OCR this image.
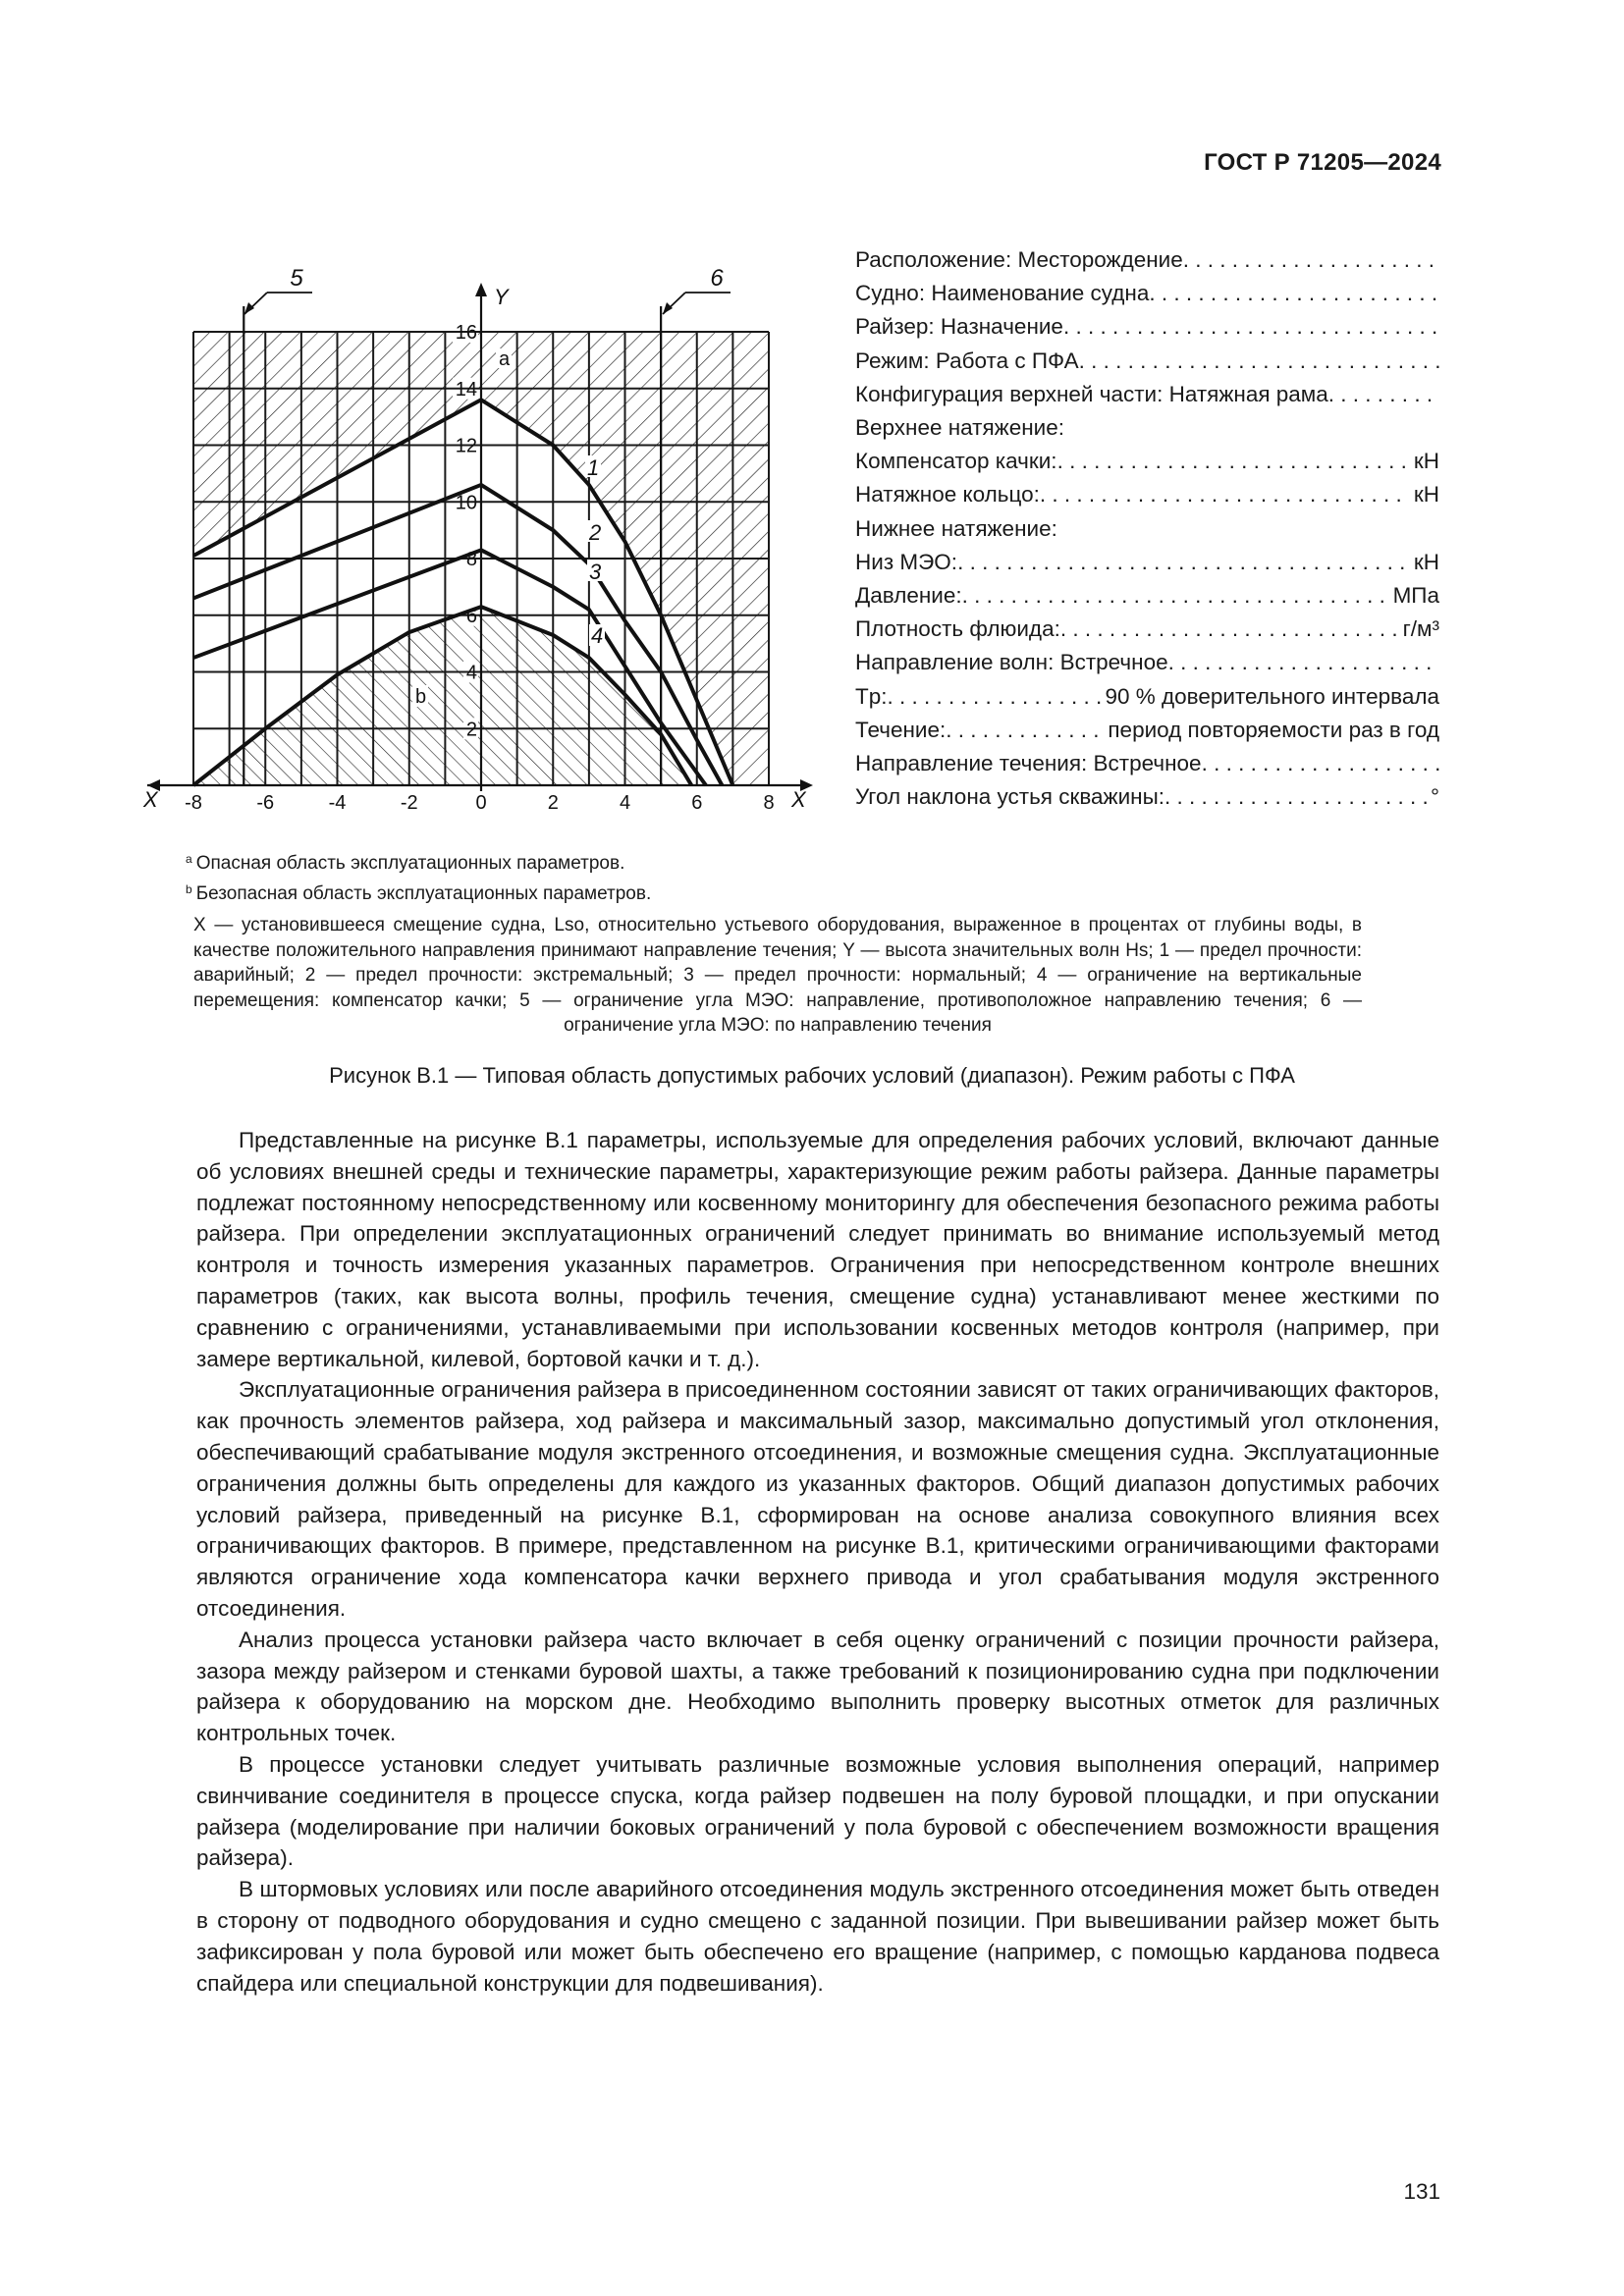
ГОСТ Р 71205—2024
5	6
2
4
6
8
10
12
14
16
-8	-6	-4	-2	0	2	4	6	8
Y
X
X
a
b
1
2
3
4
Расположение: Месторождение
. . .
Судно: Наименование судна
. . .
Райзер: Назначение
. . .
Режим: Работа с ПФА
. . .
Конфигурация верхней части: Натяжная рама
. . .
Верхнее натяжение:
Компенсатор качки: . . .	кН
Натяжное кольцо: . . .	кН
Нижнее натяжение:
Низ МЭО: . . .	кН
Давление: . . .	МПа
Плотность флюида: . . .	г/м³
Направление волн: Встречное
. . .
Tp: . . .	90 % доверительного интервала
Течение: . . .	период повторяемости раз в год
Направление течения: Встречное
. . .
Угол наклона устья скважины: . . .	°
$^a$ Опасная область эксплуатационных параметров.
$^b$ Безопасная область эксплуатационных параметров.
X — установившееся смещение судна, Lso, относительно устьевого оборудования, выраженное в процентах от глубины воды, в качестве положительного направления принимают направление течения; Y — высота значительных волн Hs; 1 — предел прочности: аварийный; 2 — предел прочности: экстремальный; 3 — предел прочности: нормальный; 4 — ограничение на вертикальные перемещения: компенсатор качки; 5 — ограничение угла МЭО: направление, противоположное направлению течения; 6 — ограничение угла МЭО: по направлению течения
Рисунок В.1 — Типовая область допустимых рабочих условий (диапазон). Режим работы с ПФА

Представленные на рисунке В.1 параметры, используемые для определения рабочих условий, включают данные об условиях внешней среды и технические параметры, характеризующие режим работы райзера. Данные параметры подлежат постоянному непосредственному или косвенному мониторингу для обеспечения безопасного режима работы райзера. При определении эксплуатационных ограничений следует принимать во внимание используемый метод контроля и точность измерения указанных параметров. Ограничения при непосредственном контроле внешних параметров (таких, как высота волны, профиль течения, смещение судна) устанавливают менее жесткими по сравнению с ограничениями, устанавливаемыми при использовании косвенных методов контроля (например, при замере вертикальной, килевой, бортовой качки и т. д.).

Эксплуатационные ограничения райзера в присоединенном состоянии зависят от таких ограничивающих факторов, как прочность элементов райзера, ход райзера и максимальный зазор, максимально допустимый угол отклонения, обеспечивающий срабатывание модуля экстренного отсоединения, и возможные смещения судна. Эксплуатационные ограничения должны быть определены для каждого из указанных факторов. Общий диапазон допустимых рабочих условий райзера, приведенный на рисунке В.1, сформирован на основе анализа совокупного влияния всех ограничивающих факторов. В примере, представленном на рисунке В.1, критическими ограничивающими факторами являются ограничение хода компенсатора качки верхнего привода и угол срабатывания модуля экстренного отсоединения.

Анализ процесса установки райзера часто включает в себя оценку ограничений с позиции прочности райзера, зазора между райзером и стенками буровой шахты, а также требований к позиционированию судна при подключении райзера к оборудованию на морском дне. Необходимо выполнить проверку высотных отметок для различных контрольных точек.

В процессе установки следует учитывать различные возможные условия выполнения операций, например свинчивание соединителя в процессе спуска, когда райзер подвешен на полу буровой площадки, и при опускании райзера (моделирование при наличии боковых ограничений у пола буровой с обеспечением возможности вращения райзера).

В штормовых условиях или после аварийного отсоединения модуль экстренного отсоединения может быть отведен в сторону от подводного оборудования и судно смещено с заданной позиции. При вывешивании райзер может быть зафиксирован у пола буровой или может быть обеспечено его вращение (например, с помощью карданова подвеса спайдера или специальной конструкции для подвешивания).

131
